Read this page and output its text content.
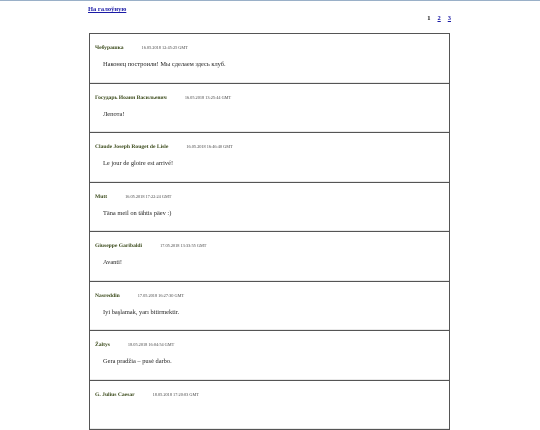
На галоўную
1 2 3
Чебурашка	16.05.2018 12:45:25 GMT
Наконец построили! Мы сделаем здесь клуб.
Государь Иоанн Васильевич	16.05.2018 13:25:44 GMT
Лепота!
Claude Joseph Rouget de Lisle	16.05.2018 16:46:40 GMT
Le jour de gloire est arrivé!
Mutt	16.05.2018 17:22:24 GMT
Täna meil on tähtis päev :)
Giuseppe Garibaldi	17.05.2018 13:33:55 GMT
Avanti!
Nasreddin	17.05.2018 16:27:30 GMT
Iyi başlamak, yarı bitirmektir.
Žaltys	18.05.2018 16:04:54 GMT
Gera pradžia – pusė darbo.
G. Julius Caesar	18.05.2018 17:20:03 GMT
